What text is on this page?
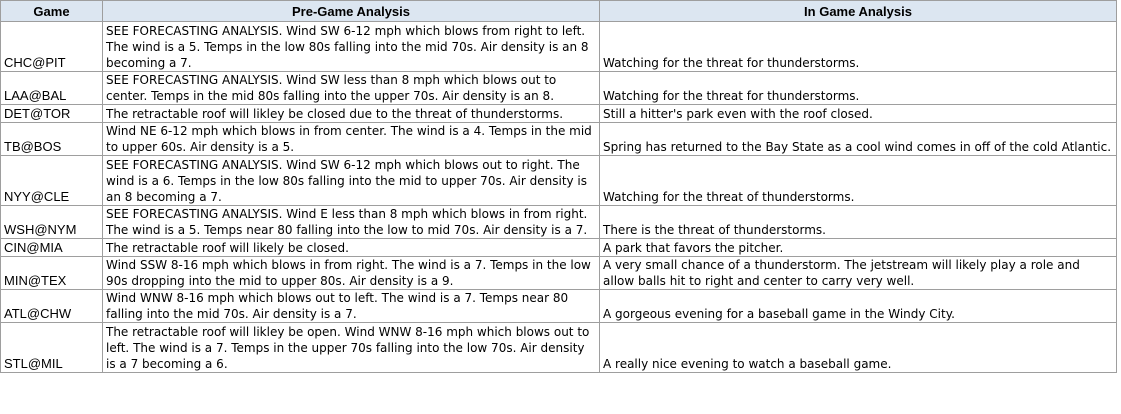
Game	Pre-Game Analysis	In Game Analysis
CHC@PIT	SEE FORECASTING ANALYSIS. Wind SW 6-12 mph which blows from right to left. The wind is a 5. Temps in the low 80s falling into the mid 70s. Air density is an 8 becoming a 7.	Watching for the threat for thunderstorms.
LAA@BAL	SEE FORECASTING ANALYSIS. Wind SW less than 8 mph which blows out to center. Temps in the mid 80s falling into the upper 70s. Air density is an 8.	Watching for the threat for thunderstorms.
DET@TOR	The retractable roof will likley be closed due to the threat of thunderstorms.	Still a hitter's park even with the roof closed.
TB@BOS	Wind NE 6-12 mph which blows in from center. The wind is a 4. Temps in the mid to upper 60s. Air density is a 5.	Spring has returned to the Bay State as a cool wind comes in off of the cold Atlantic.
NYY@CLE	SEE FORECASTING ANALYSIS. Wind SW 6-12 mph which blows out to right. The wind is a 6. Temps in the low 80s falling into the mid to upper 70s. Air density is an 8 becoming a 7.	Watching for the threat of thunderstorms.
WSH@NYM	SEE FORECASTING ANALYSIS. Wind E less than 8 mph which blows in from right. The wind is a 5. Temps near 80 falling into the low to mid 70s. Air density is a 7.	There is the threat of thunderstorms.
CIN@MIA	The retractable roof will likely be closed.	A park that favors the pitcher.
MIN@TEX	Wind SSW 8-16 mph which blows in from right. The wind is a 7. Temps in the low 90s dropping into the mid to upper 80s. Air density is a 9.	A very small chance of a thunderstorm. The jetstream will likely play a role and allow balls hit to right and center to carry very well.
ATL@CHW	Wind WNW 8-16 mph which blows out to left. The wind is a 7. Temps near 80 falling into the mid 70s. Air density is a 7.	A gorgeous evening for a baseball game in the Windy City.
STL@MIL	The retractable roof will likley be open. Wind WNW 8-16 mph which blows out to left. The wind is a 7. Temps in the upper 70s falling into the low 70s. Air density is a 7 becoming a 6.	A really nice evening to watch a baseball game.
